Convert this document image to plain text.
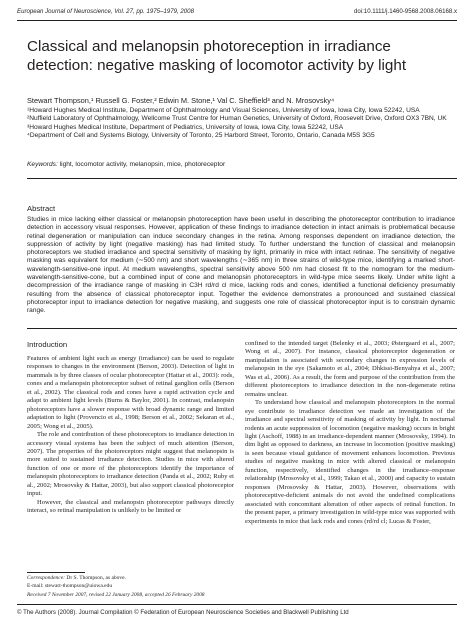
European Journal of Neuroscience, Vol. 27, pp. 1975–1979, 2008	doi:10.1111/j.1460-9568.2008.06168.x
Classical and melanopsin photoreception in irradiance detection: negative masking of locomotor activity by light
Stewart Thompson,¹ Russell G. Foster,² Edwin M. Stone,¹ Val C. Sheffield³ and N. Mrosovsky⁴
¹Howard Hughes Medical Institute, Department of Ophthalmology and Visual Sciences, University of Iowa, Iowa City, Iowa 52242, USA
²Nuffield Laboratory of Ophthalmology, Wellcome Trust Centre for Human Genetics, University of Oxford, Roosevelt Drive, Oxford OX3 7BN, UK
³Howard Hughes Medical Institute, Department of Pediatrics, University of Iowa, Iowa City, Iowa 52242, USA
⁴Department of Cell and Systems Biology, University of Toronto, 25 Harbord Street, Toronto, Ontario, Canada M5S 3G5
Keywords: light, locomotor activity, melanopsin, mice, photoreceptor
Abstract
Studies in mice lacking either classical or melanopsin photoreception have been useful in describing the photoreceptor contribution to irradiance detection in accessory visual responses. However, application of these findings to irradiance detection in intact animals is problematical because retinal degeneration or manipulation can induce secondary changes in the retina. Among responses dependent on irradiance detection, the suppression of activity by light (negative masking) has had limited study. To further understand the function of classical and melanopsin photoreceptors we studied irradiance and spectral sensitivity of masking by light, primarily in mice with intact retinae. The sensitivity of negative masking was equivalent for medium (∼500 nm) and short wavelengths (∼365 nm) in three strains of wild-type mice, identifying a marked short-wavelength-sensitive-one input. At medium wavelengths, spectral sensitivity above 500 nm had closest fit to the nomogram for the medium-wavelength-sensitive-cone, but a combined input of cone and melanopsin photoreceptors in wild-type mice seems likely. Under white light a decompression of the irradiance range of masking in C3H rd/rd cl mice, lacking rods and cones, identified a functional deficiency presumably resulting from the absence of classical photoreceptor input. Together the evidence demonstrates a pronounced and sustained classical photoreceptor input to irradiance detection for negative masking, and suggests one role of classical photoreceptor input is to constrain dynamic range.
Introduction

Features of ambient light such as energy (irradiance) can be used to regulate responses to changes in the environment (Berson, 2003). Detection of light in mammals is by three classes of ocular photoreceptor (Hattar et al., 2003): rods, cones and a melanopsin photoreceptor subset of retinal ganglion cells (Berson et al., 2002). The classical rods and cones have a rapid activation cycle and adapt to ambient light levels (Burns & Baylor, 2001). In contrast, melanopsin photoreceptors have a slower response with broad dynamic range and limited adaptation to light (Provencio et al., 1998; Berson et al., 2002; Sekaran et al., 2005; Wong et al., 2005).

The role and contribution of these photoreceptors to irradiance detection in accessory visual systems has been the subject of much attention (Berson, 2007). The properties of the photoreceptors might suggest that melanopsin is more suited to sustained irradiance detection. Studies in mice with altered function of one or more of the photoreceptors identify the importance of melanopsin photoreceptors to irradiance detection (Panda et al., 2002; Ruby et al., 2002; Mrosovsky & Hattar, 2003), but also support classical photoreceptor input.

However, the classical and melanopsin photoreceptor pathways directly interact, so retinal manipulation is unlikely to be limited or

confined to the intended target (Belenky et al., 2003; Østergaard et al., 2007; Wong et al., 2007). For instance, classical photoreceptor degeneration or manipulation is associated with secondary changes in expression levels of melanopsin in the eye (Sakamoto et al., 2004; Dhkissi-Benyahya et al., 2007; Was et al., 2006). As a result, the form and purpose of the contribution from the different photoreceptors to irradiance detection in the non-degenerate retina remains unclear.

To understand how classical and melanopsin photoreceptors in the normal eye contribute to irradiance detection we made an investigation of the irradiance and spectral sensitivity of masking of activity by light. In nocturnal rodents an acute suppression of locomotion (negative masking) occurs in bright light (Aschoff, 1988) in an irradiance-dependent manner (Mrosovsky, 1994). In dim light as opposed to darkness, an increase in locomotion (positive masking) is seen because visual guidance of movement enhances locomotion. Previous studies of negative masking in mice with altered classical or melanopsin function, respectively, identified changes in the irradiance–response relationship (Mrosovsky et al., 1999; Takao et al., 2000) and capacity to sustain responses (Mrosovsky & Hattar, 2003). However, observations with photoreceptive-deficient animals do not avoid the undefined complications associated with concomitant alteration of other aspects of retinal function. In the present paper, a primary investigation in wild-type mice was supported with experiments in mice that lack rods and cones (rd/rd cl; Lucas & Foster,

Correspondence: Dr S. Thompson, as above.
E-mail: stewart-thompson@uiowa.edu
Received 7 November 2007, revised 22 January 2008, accepted 26 February 2008
© The Authors (2008). Journal Compilation © Federation of European Neuroscience Societies and Blackwell Publishing Ltd
